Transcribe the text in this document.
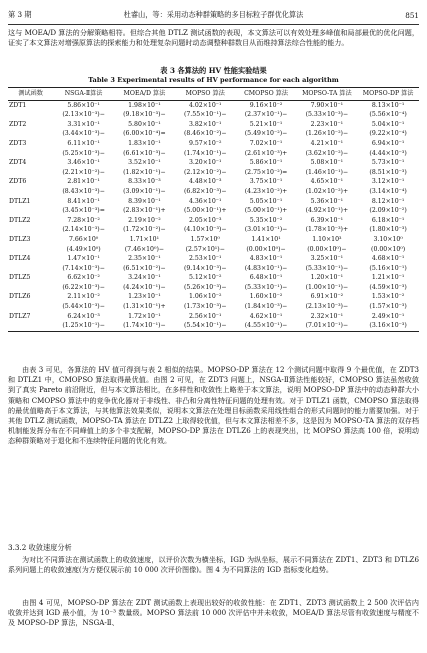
第 3 期	杜睿山，等：采用动态种群策略的多目标粒子群优化算法	851
这与 MOEA/D 算法的分解策略相符。但综合其他 DTLZ 测试函数的表现，本文算法可以有效处理多峰值和局部最优的优化问题，证实了本文算法对增强原算法的探索能力和处理复杂问题时动态调整种群数目从而维持算法综合性能的能力。
表 3 各算法的 HV 性能实验结果
Table 3 Experimental results of HV performance for each algorithm
测试函数	NSGA-Ⅱ算法	MOEA/D 算法	MOPSO 算法	CMOPSO 算法	MOPSO-TA 算法	MOPSO-DP 算法
ZDT1	5.86×10⁻¹	1.98×10⁻¹	4.02×10⁻¹	9.16×10⁻²	7.90×10⁻¹	8.13×10⁻¹
	(2.13×10⁻³)−	(9.18×10⁻³)−	(7.55×10⁻¹)−	(2.37×10⁻¹)−	(5.33×10⁻³)−	(5.56×10⁻⁴)
ZDT2	3.31×10⁻¹	5.80×10⁻¹	3.82×10⁻¹	5.21×10⁻¹	2.23×10⁻¹	5.04×10⁻¹
	(3.44×10⁻³)−	(6.00×10⁻⁴)=	(8.46×10⁻²)−	(5.49×10⁻²)−	(1.26×10⁻²)−	(9.22×10⁻⁴)
ZDT3	6.11×10⁻¹	1.83×10⁻¹	9.57×10⁻²	7.02×10⁻¹	4.21×10⁻¹	6.94×10⁻¹
	(5.25×10⁻³)−	(6.61×10⁻³)−	(1.74×10⁻¹)−	(2.61×10⁻³)+	(3.62×10⁻²)−	(4.44×10⁻³)
ZDT4	3.46×10⁻¹	3.52×10⁻¹	3.20×10⁻¹	5.86×10⁻¹	5.08×10⁻¹	5.73×10⁻¹
	(2.21×10⁻²)−	(1.82×10⁻¹)−	(2.12×10⁻²)−	(2.75×10⁻²)=	(1.46×10⁻¹)−	(8.51×10⁻³)
ZDT6	2.81×10⁻¹	8.33×10⁻³	4.48×10⁻³	3.75×10⁻¹	4.65×10⁻¹	3.12×10⁻¹
	(8.43×10⁻³)−	(3.09×10⁻¹)−	(6.82×10⁻³)−	(4.23×10⁻²)+	(1.02×10⁻²)+	(3.14×10⁻⁴)
DTLZ1	8.41×10⁻¹	8.39×10⁻¹	4.36×10⁻¹	5.05×10⁻¹	5.36×10⁻¹	8.12×10⁻¹
	(3.45×10⁻³)=	(2.83×10⁻¹)+	(5.00×10⁻¹)+	(5.00×10⁻¹)+	(4.92×10⁻¹)+	(2.09×10⁻²)
DTLZ2	7.28×10⁻²	2.19×10⁻²	2.05×10⁻³	5.35×10⁻²	6.39×10⁻¹	6.18×10⁻¹
	(2.14×10⁻³)−	(1.72×10⁻²)−	(4.10×10⁻³)−	(3.01×10⁻¹)−	(1.78×10⁻³)+	(1.80×10⁻³)
DTLZ3	7.66×10⁰	1.71×10¹	1.57×10⁰	1.41×10¹	1.10×10³	3.10×10⁰
	(4.49×10⁰)	(7.46×10⁰)−	(2.57×10¹)−	(0.00×10⁰)−	(0.00×10⁰)−	(0.00×10⁰)
DTLZ4	1.47×10⁻¹	2.35×10⁻¹	2.53×10⁻¹	4.83×10⁻¹	3.25×10⁻¹	4.68×10⁻¹
	(7.14×10⁻³)−	(6.51×10⁻²)−	(9.14×10⁻³)−	(4.83×10⁻¹)−	(5.33×10⁻¹)−	(5.16×10⁻¹)
DTLZ5	6.62×10⁻²	3.24×10⁻¹	5.12×10⁻²	6.48×10⁻¹	1.20×10⁻¹	1.21×10⁻¹
	(6.22×10⁻³)−	(4.24×10⁻¹)−	(5.26×10⁻³)−	(5.33×10⁻¹)−	(1.00×10⁻¹)−	(4.59×10⁻³)
DTLZ6	2.11×10⁻²	1.23×10⁻¹	1.06×10⁻²	1.60×10⁻²	6.91×10⁻²	1.53×10⁻²
	(5.44×10⁻³)−	(1.31×10⁻¹)+	(1.73×10⁻³)−	(1.84×10⁻³)−	(2.13×10⁻³)−	(1.57×10⁻³)
DTLZ7	6.24×10⁻³	1.72×10⁻¹	2.56×10⁻¹	4.62×10⁻¹	2.32×10⁻¹	2.49×10⁻¹
	(1.25×10⁻¹)−	(1.74×10⁻¹)−	(5.54×10⁻¹)−	(4.55×10⁻¹)−	(7.01×10⁻¹)−	(3.16×10⁻³)
由表 3 可见，各算法的 HV 值可得到与表 2 相似的结果。MOPSO-DP 算法在 12 个测试问题中取得 9 个最优值，在 ZDT3 和 DTLZ1 中，CMOPSO 算法取得最优值。由图 2 可见，在 ZDT3 问题上，NSGA-Ⅱ算法性能较好，CMOPSO 算法虽然收敛到了真实 Pareto 前沿附近，但与本文算法相比，在多样性和收敛性上略差于本文算法，说明 MOPSO-DP 算法中的动态种群大小策略和 CMOPSO 算法中的竞争优化器对于非线性、非凸和分离性特征问题的处理有效。对于 DTLZ1 函数，CMOPSO 算法取得的最优值略高于本文算法，与其他算法效果类似，说明本文算法在处理目标函数采用线性组合的形式问题时的能力需要加强。对于其他 DTLZ 测试函数，MOPSO-TA 算法在 DTLZ2 上取得较优值，但与本文算法相差不多，这是因为 MOPSO-TA 算法的双存档机制能发挥分布在不同峰值上的多个非支配解，MOPSO-DP 算法在 DTLZ6 上的表现突出，比 MOPSO 算法高 100 倍，说明动态种群策略对于退化和不连续特征问题的优化有效。
3.3.2 收敛速度分析
为对比不同算法在测试函数上的收敛速度，以评价次数为横坐标，IGD 为纵坐标，展示不同算法在 ZDT1、ZDT3 和 DTLZ6 系列问题上的收敛速度(为方便仅展示前 10 000 次评价图像)。图 4 为不同算法的 IGD 指标变化趋势。
由图 4 可见，MOPSO-DP 算法在 ZDT 测试函数上表现出较好的收敛性能：在 ZDT1、ZDT3 测试函数上 2 500 次评估内收敛并达到 IGD 最小值，为 10⁻³ 数量级。MOPSO 算法前 10 000 次评估中并未收敛，MOEA/D 算法尽管有收敛速度与精度不及 MOPSO-DP 算法，NSGA-Ⅱ、
